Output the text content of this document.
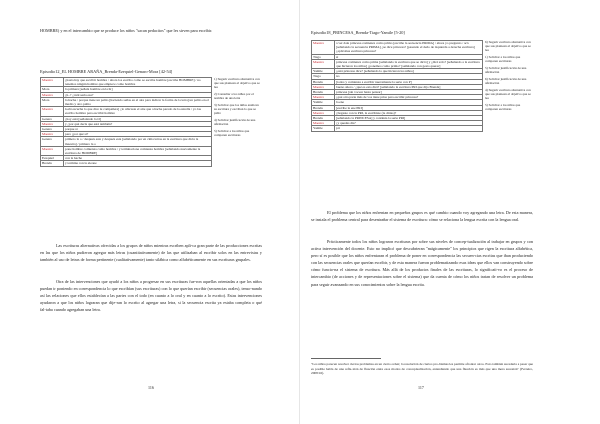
HOMBRE) y en el intercambio que se produce los niños "sacan pedacitos" que les sirven para escribir.

Episodio12_EL HOMBRE ARAÑA_Brenda-Ezequiel-Genaro-Mora [42-54]
Maestra	¿hasta hay que escribir hombre / ahora los escribo como se escribe hombre [escribe HOMBRE] / no tenemos ningún hombre que empiece como hombre
Mora	la primera [señala hombre en la ht]
Maestra	¿h..? ¿cuál sería esa?
Mora	la hache / porque tiene un palito [haciendo señas en el aire para indicar la forma de la letra] un palito en el medio y otro palito
Maestra	Gabi escucha lo que dice tu compañera] ¿lo ubicaste el aire que a hache parado de la estrella / yo las escribo hombre para escribir hombre
Genaro	¿hoy está [señalando la O]
Maestra	y ¿por qué decís que está también?
Genaro	porque sí
Maestra	pero ¿por qué sí?
Genaro	primero la o / después esta y después esta [señalando por en cima letras en la escritura que dicta la maestra] / primero la o
Maestra	pone hombre comienza como hombre / y terminacione comienza hombre [señalando nuevamente la escritura de HOMBRE]
Ezequiel	con la hache
Brenda	y termina con la eleone
1) Sugerir escritura alternativa con que sus plantean el objetivo que se lea
2) Consultar a los niños por el nombre de una letra
3) Solicitar que los niños analicen su escritura y escriban lo que se pidió
4) Solicitar justificación de una afirmación
5) Solicitar a los niños que comparen escrituras

Las escrituras alternativas ofrecidas a los grupos de niños mientras escriben apli‑ca gran parte de las producciones escritas en las que los niños pudieron agregar más letras (cuantitativamente) de las que utilizaban al escribir solos en las entrevistas y también al uso de letras de forma pertinente (cualitativamente) tanto silábica como alfabéticamente en sus escrituras grupales.

Otra de las intervenciones que ayudó a los niños a progresar en sus escrituras fue‑ron aquellas orientadas a que los niños puedan ir poniendo en correspondencia lo que escribían (sus escrituras) con lo que querían escribir (secuencias orales), tenso‑nando así las relaciones que ellos establecían a las partes con el todo (en cuanto a lo oral y en cuanto a lo escrito). Estas intervenciones ayudaron a que los niños lograran que dije‑ran lo escrito al agregar una letra, si la secuencia escrita ya estaba completa o qué fal‑taba cuando agregaban una letra.

116
Episodio18_PRINCESA_Brenda-Tiago-Yamile [5-20]
Maestra	a ver dale princesa comienza como primo [escribe la secuencia PRIMA] / ahora yo pregunto / acá [señalando la secuencia PRIMA] ¿se dice princesa? [pasando el dedo de izquierda a derecha escritura] ¿aplicabas escritura princesa?
Tiago	sí
Maestra	princesa comienza como prima [señalando la escritura que se dictó] y ¿dirá sólo? [señalando a la escritura que hicieron los niños] ¿ponemos como primo? [señalando con gesto querer]
Yamile	¿está princesa dice? [señalando lo que hicieron los niños]
Tiago	no
Brenda	[todos y comienza a escribir nuevamente la serie con P]
Maestra	bueno ahora / ¿qué es esto dirá? [señalando la escritura PRI que dijo Brenda]
Brenda	princesa [sin vocear hasta pensar]
Maestra	¿qué otra parte más de vos tiene prisa para escribir princesa?
Yamile	la ene
Brenda	[escribe la ene PRI]
Maestra	¿llegaste con la PRI, la escribiste (le dirías)?
Brenda	[señalando la PRINCESA] y continúa la serie PRI]
Maestra	¿y quedas dis?
Yamile	pri
6) Sugerir escritura alternativa con que sus plantean el objetivo que se lea
1) Solicitar a los niños que comparen escrituras
5) Solicitar justificación de una afirmación
6) Solicitar justificación de una afirmación
4) Sugerir escritura alternativa con que sus plantean el objetivo que se lea
5) Solicitar a los niños que comparen escrituras

El problema que los niños enfrentan en pequeños grupos es qué cambio cuando voy agregando una letra. De esta manera, se instala el problema central para desentrañar el sistema de escritura: cómo se relaciona la lengua escrita con la lengua oral.

Prácticamente todos los niños lograron escrituras por sobre sus niveles de concep‑tualización al trabajar en grupos y con activa intervención del docente. Esto no implicó que descubrieran "mágicamente" los principios que rigen la escritura alfabética, pero sí es posible que los niños enfrentaran el problema de poner en correspondencia las secuen‑cias escritas que iban produciendo con las secuencias orales que querían escribir, y de esta manera fueron problematizando esas ideas que ellos van construyendo sobre cómo funcio‑na el sistema de escritura. Más allá de los productos finales de las escrituras, lo significati‑vo es el proceso de intercambio (de acciones y de representaciones sobre el sistema) que da cuenta de cómo los niños tratan de resolver un problema para seguir avanzando en sus conocimientos sobre la lengua escrita.

"Los niños parecen resolver ciertos problemas en un cierto orden; la resolución de ciertos pro‑blemas les permite afrontar otros. Esto también sucedería a pesar que es posible habla de una refle‑xión de fluación entre esos modos de conceptualización, entendiendo que una fluación es más que una mera sucesión" (Ferreiro, 2008:16).
117
